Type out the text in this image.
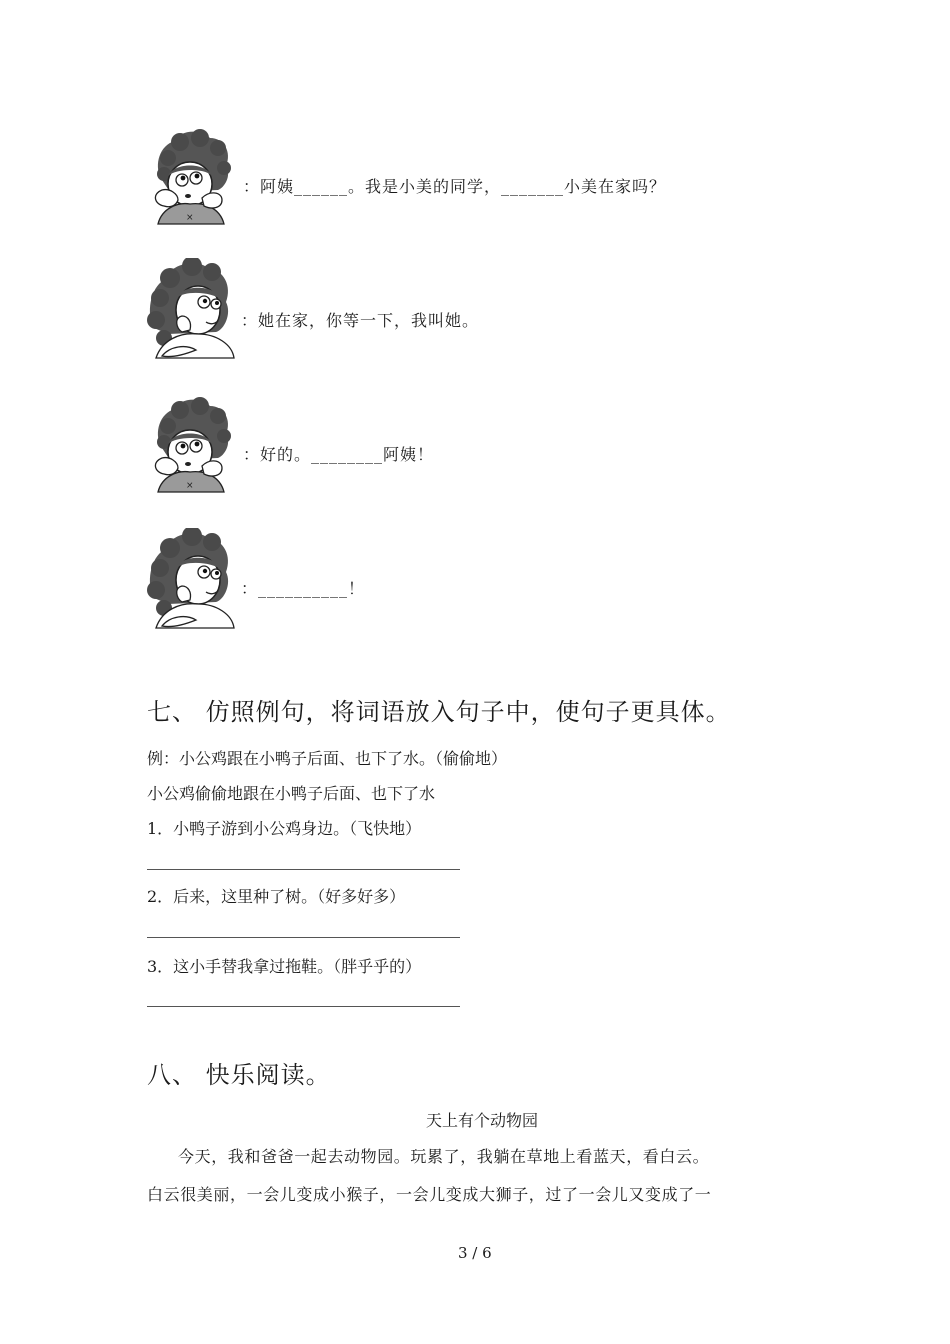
：阿姨______。我是小美的同学，_______小美在家吗？
：她在家，你等一下，我叫她。
：好的。________阿姨！
：__________！
七、 仿照例句，将词语放入句子中，使句子更具体。
例：小公鸡跟在小鸭子后面、也下了水。（偷偷地）
小公鸡偷偷地跟在小鸭子后面、也下了水
1．小鸭子游到小公鸡身边。（飞快地）
2．后来，这里种了树。（好多好多）
3．这小手替我拿过拖鞋。（胖乎乎的）
八、 快乐阅读。
天上有个动物园
今天，我和爸爸一起去动物园。玩累了，我躺在草地上看蓝天，看白云。
白云很美丽，一会儿变成小猴子，一会儿变成大狮子，过了一会儿又变成了一
3 / 6
